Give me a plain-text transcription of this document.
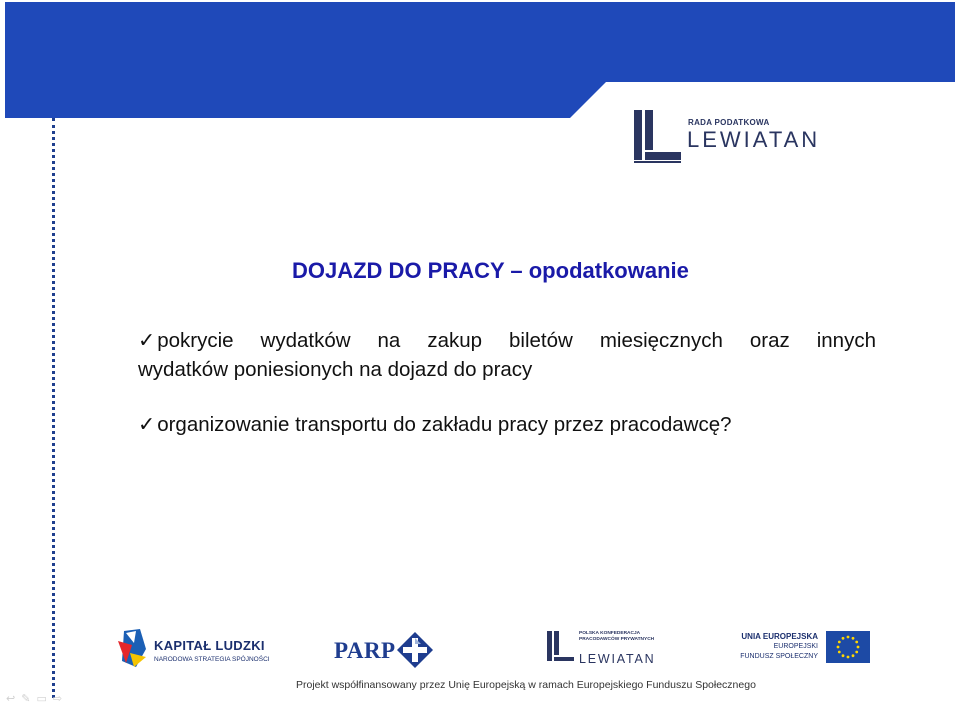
RADA PODATKOWA
LEWIATAN
DOJAZD DO PRACY – opodatkowanie
✓pokrycie wydatków na zakup biletów miesięcznych oraz innych
wydatków poniesionych na dojazd do pracy
✓organizowanie transportu do zakładu pracy przez pracodawcę?
KAPITAŁ LUDZKI
NARODOWA STRATEGIA SPÓJNOŚCI	PARP
POLSKA KONFEDERACJA
PRACODAWCÓW PRYWATNYCH
LEWIATAN
UNIA EUROPEJSKA
EUROPEJSKI
FUNDUSZ SPOŁECZNY
Projekt współfinansowany przez Unię Europejską w ramach Europejskiego Funduszu Społecznego
↩✎▭⇨
